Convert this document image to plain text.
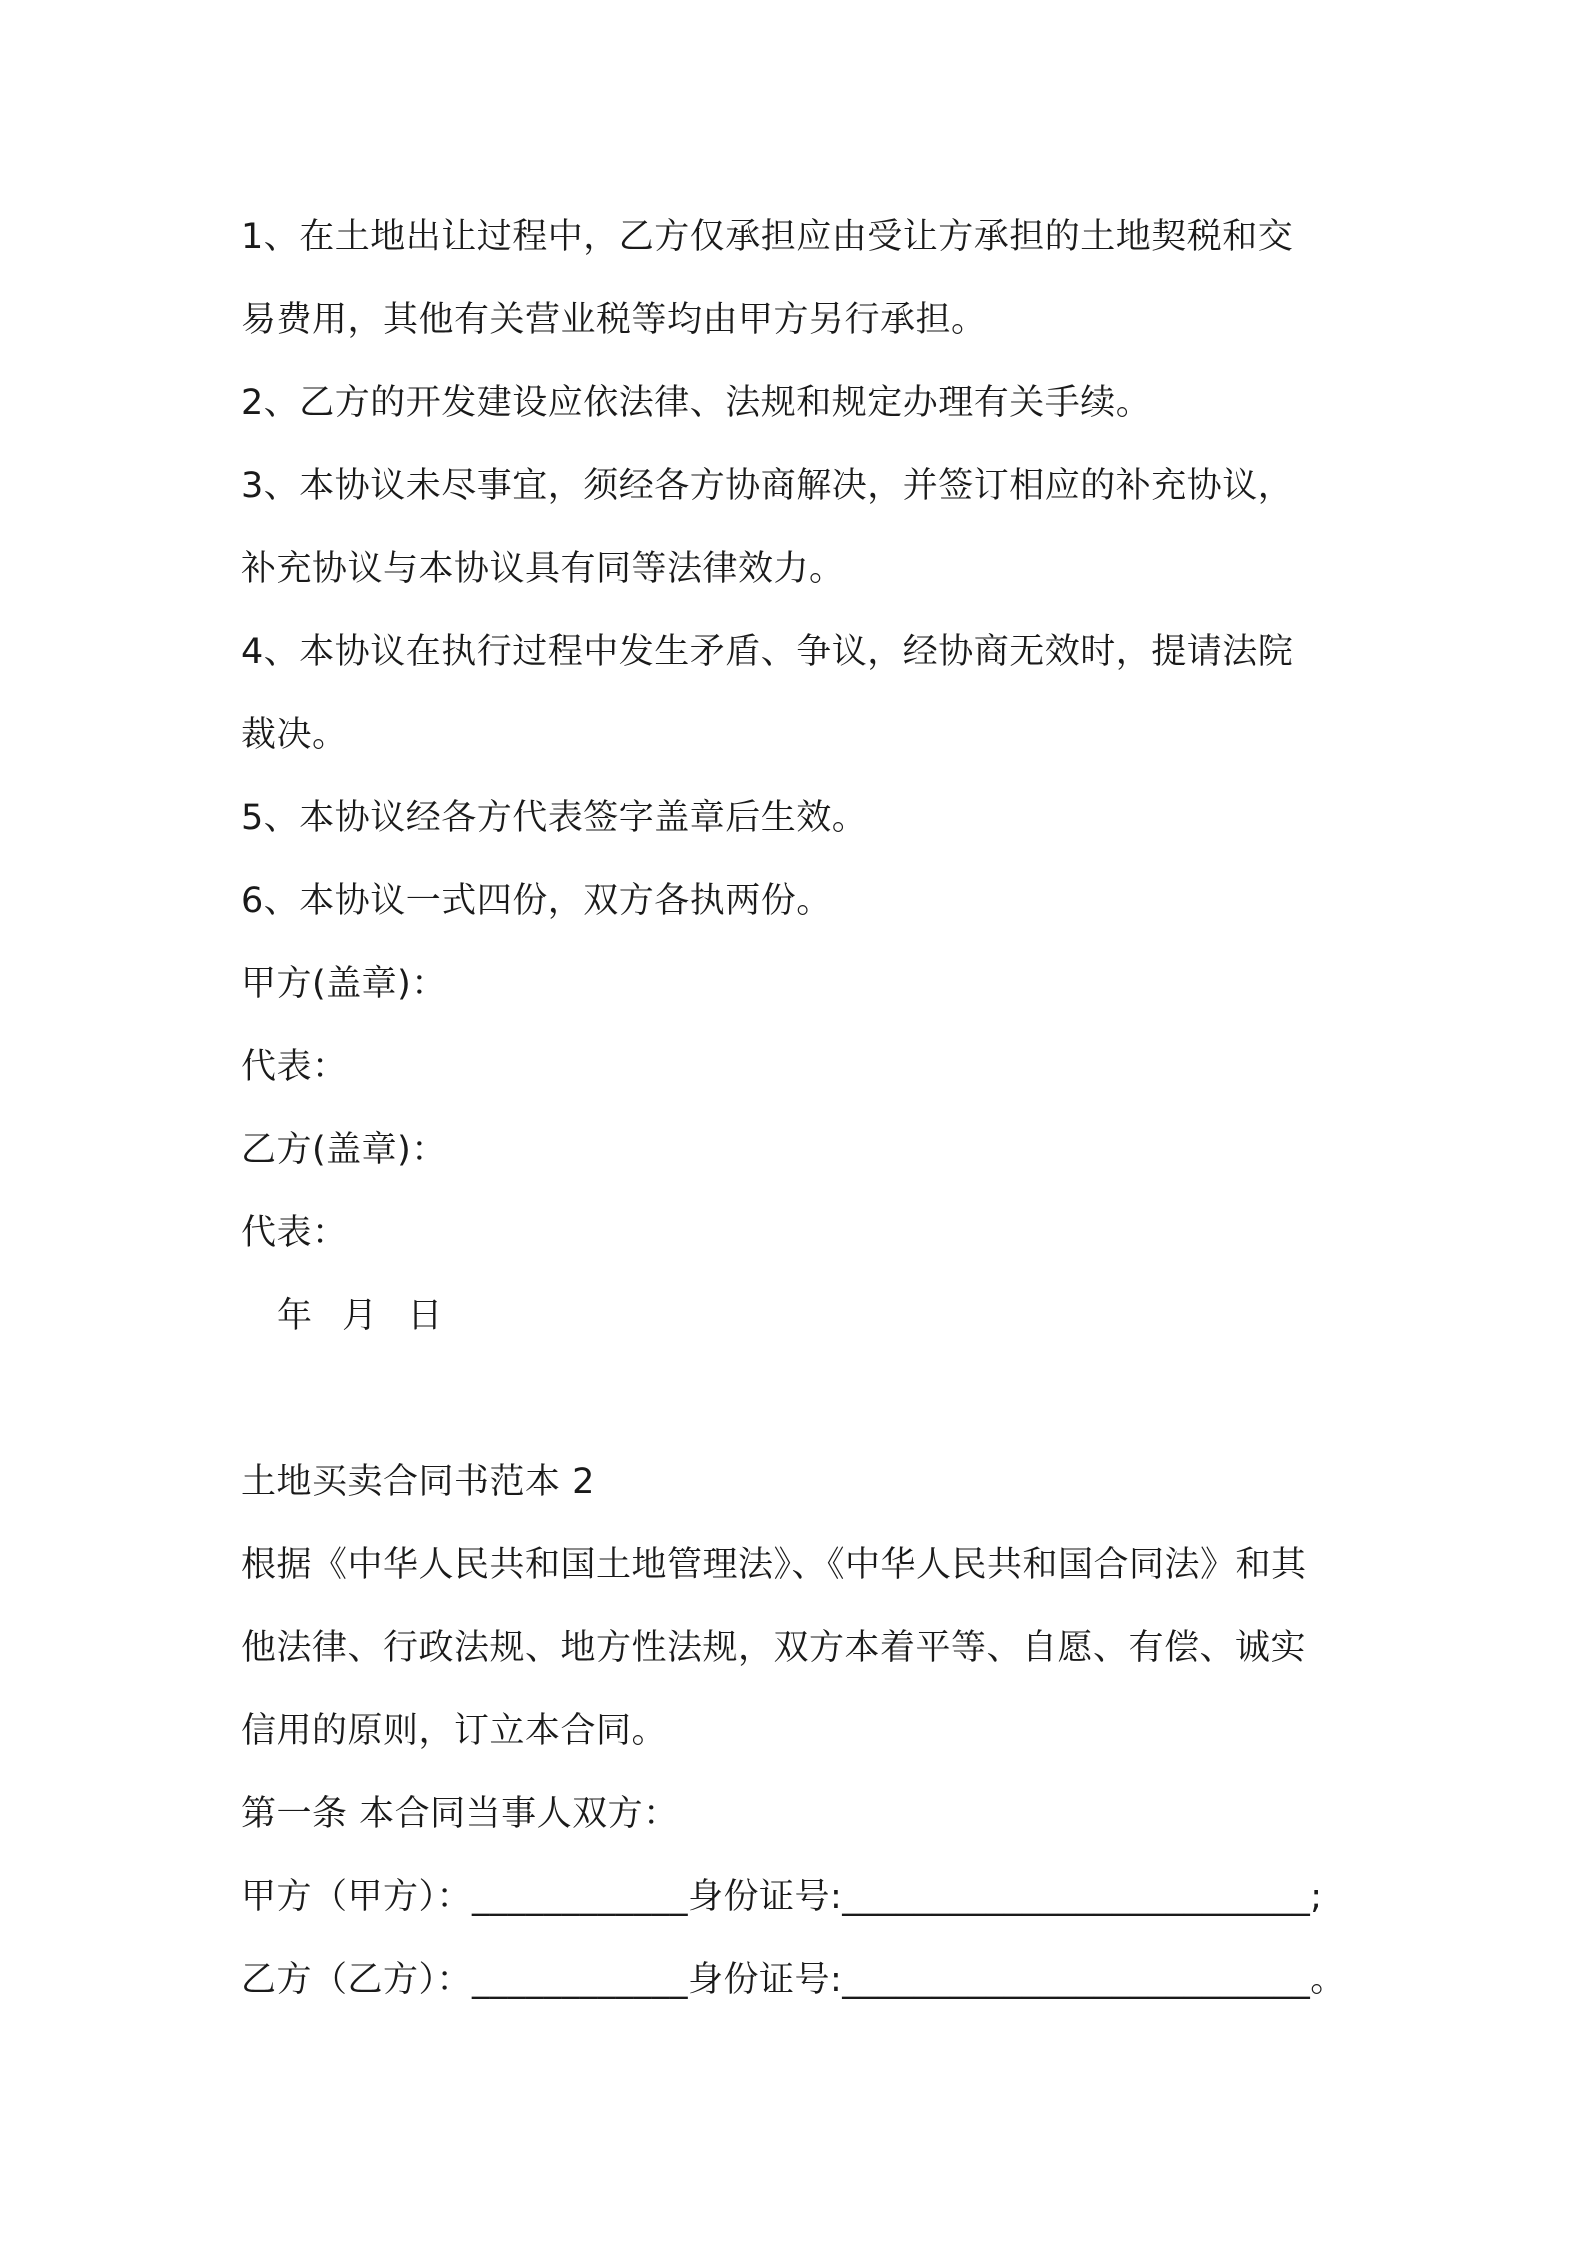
1、在土地出让过程中，乙方仅承担应由受让方承担的土地契税和交
易费用，其他有关营业税等均由甲方另行承担。
2、乙方的开发建设应依法律、法规和规定办理有关手续。
3、本协议未尽事宜，须经各方协商解决，并签订相应的补充协议，
补充协议与本协议具有同等法律效力。
4、本协议在执行过程中发生矛盾、争议，经协商无效时，提请法院
裁决。
5、本协议经各方代表签字盖章后生效。
6、本协议一式四份，双方各执两份。
甲方(盖章)：
代表：
乙方(盖章)：
代表：
年 月 日
土地买卖合同书范本 2
根据《中华人民共和国土地管理法》、《中华人民共和国合同法》和其
他法律、行政法规、地方性法规，双方本着平等、自愿、有偿、诚实
信用的原则，订立本合同。
第一条 本合同当事人双方：
甲方（甲方）：____________身份证号:__________________________;
乙方（乙方）：____________身份证号:__________________________。
